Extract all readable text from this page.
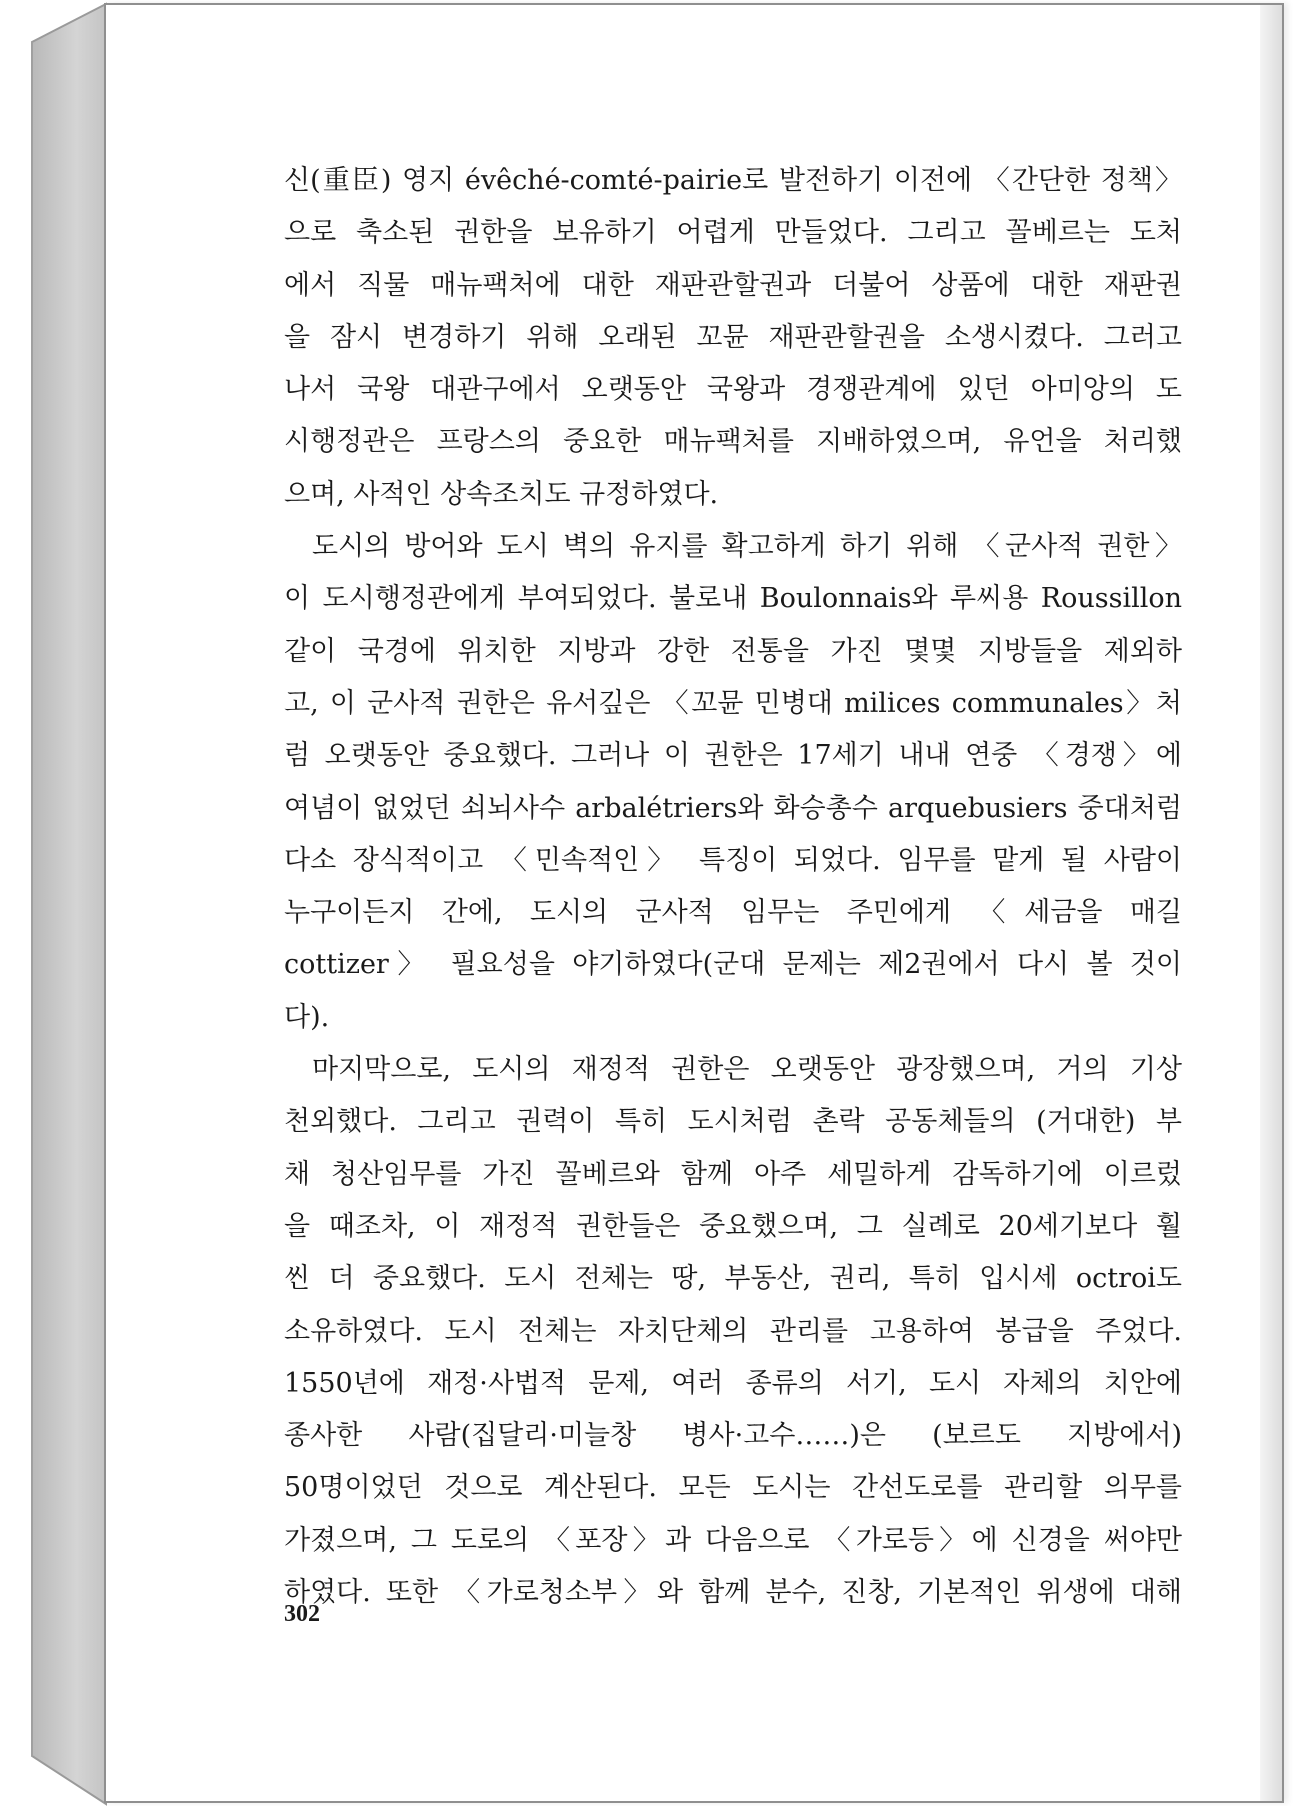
신(重臣) 영지 évêché-comté-pairie로 발전하기 이전에 〈간단한 정책〉
으로 축소된 권한을 보유하기 어렵게 만들었다. 그리고 꼴베르는 도처
에서 직물 매뉴팩처에 대한 재판관할권과 더불어 상품에 대한 재판권
을 잠시 변경하기 위해 오래된 꼬뮨 재판관할권을 소생시켰다. 그러고
나서 국왕 대관구에서 오랫동안 국왕과 경쟁관계에 있던 아미앙의 도
시행정관은 프랑스의 중요한 매뉴팩처를 지배하였으며, 유언을 처리했
으며, 사적인 상속조치도 규정하였다.
도시의 방어와 도시 벽의 유지를 확고하게 하기 위해 〈군사적 권한〉
이 도시행정관에게 부여되었다. 불로내 Boulonnais와 루씨용 Roussillon
같이 국경에 위치한 지방과 강한 전통을 가진 몇몇 지방들을 제외하
고, 이 군사적 권한은 유서깊은 〈꼬뮨 민병대 milices communales〉처
럼 오랫동안 중요했다. 그러나 이 권한은 17세기 내내 연중 〈경쟁〉에
여념이 없었던 쇠뇌사수 arbalétriers와 화승총수 arquebusiers 중대처럼
다소 장식적이고 〈민속적인〉 특징이 되었다. 임무를 맡게 될 사람이
누구이든지 간에, 도시의 군사적 임무는 주민에게 〈세금을 매길
cottizer〉 필요성을 야기하였다(군대 문제는 제2권에서 다시 볼 것이
다).
마지막으로, 도시의 재정적 권한은 오랫동안 광장했으며, 거의 기상
천외했다. 그리고 권력이 특히 도시처럼 촌락 공동체들의 (거대한) 부
채 청산임무를 가진 꼴베르와 함께 아주 세밀하게 감독하기에 이르렀
을 때조차, 이 재정적 권한들은 중요했으며, 그 실례로 20세기보다 훨
씬 더 중요했다. 도시 전체는 땅, 부동산, 권리, 특히 입시세 octroi도
소유하였다. 도시 전체는 자치단체의 관리를 고용하여 봉급을 주었다.
1550년에 재정·사법적 문제, 여러 종류의 서기, 도시 자체의 치안에
종사한 사람(집달리·미늘창 병사·고수……)은 (보르도 지방에서)
50명이었던 것으로 계산된다. 모든 도시는 간선도로를 관리할 의무를
가졌으며, 그 도로의 〈포장〉과 다음으로 〈가로등〉에 신경을 써야만
하였다. 또한 〈가로청소부〉와 함께 분수, 진창, 기본적인 위생에 대해
302
